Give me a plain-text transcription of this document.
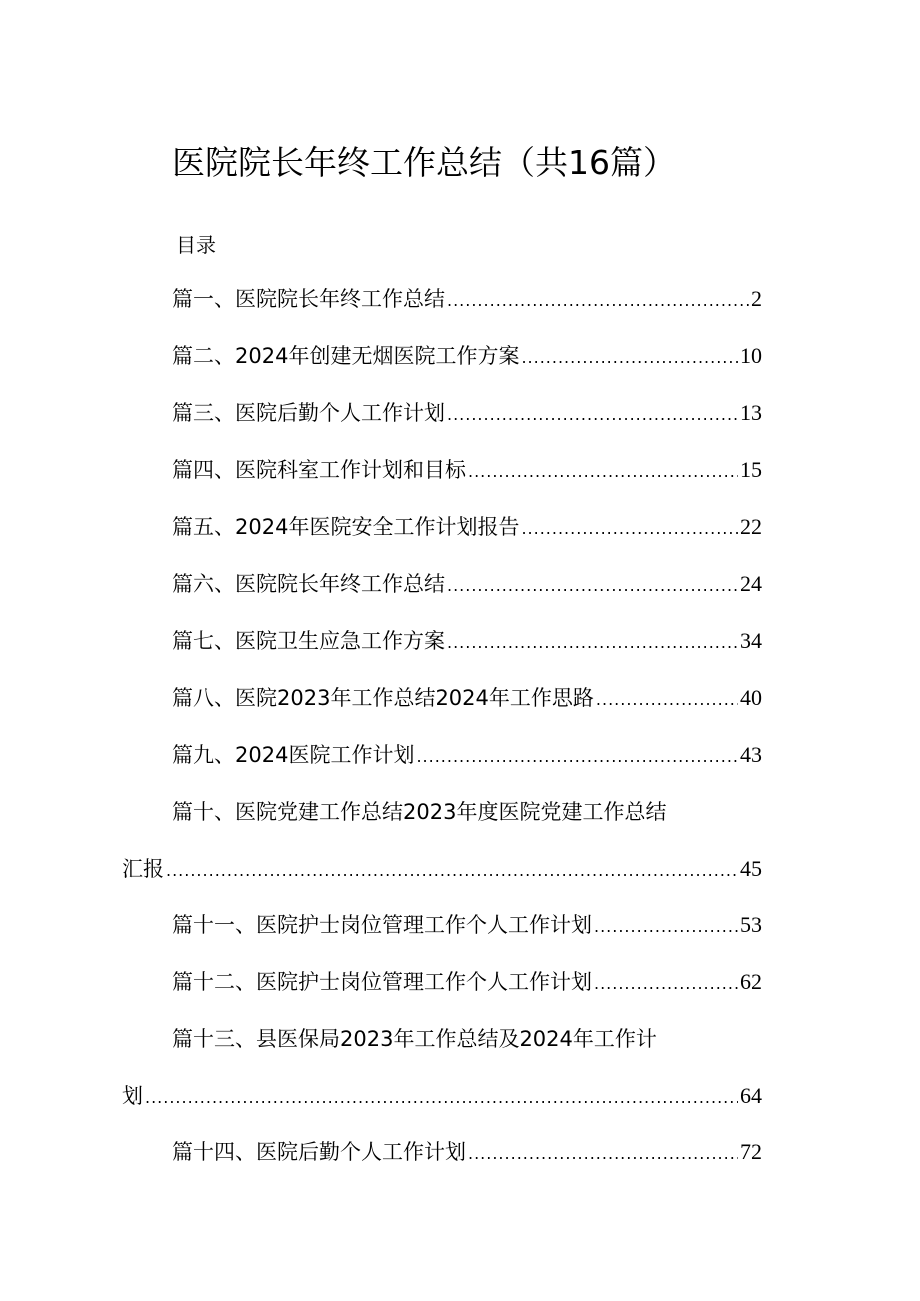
医院院长年终工作总结（共16篇）
目录
篇一、医院院长年终工作总结 .....	2
篇二、2024年创建无烟医院工作方案 .....	10
篇三、医院后勤个人工作计划 .....	13
篇四、医院科室工作计划和目标 .....	15
篇五、2024年医院安全工作计划报告 .....	22
篇六、医院院长年终工作总结 .....	24
篇七、医院卫生应急工作方案 .....	34
篇八、医院2023年工作总结2024年工作思路 .....	40
篇九、2024医院工作计划 .....	43
篇十、医院党建工作总结2023年度医院党建工作总结
汇报 .....	45
篇十一、医院护士岗位管理工作个人工作计划 .....	53
篇十二、医院护士岗位管理工作个人工作计划 .....	62
篇十三、县医保局2023年工作总结及2024年工作计
划 .....	64
篇十四、医院后勤个人工作计划 .....	72
